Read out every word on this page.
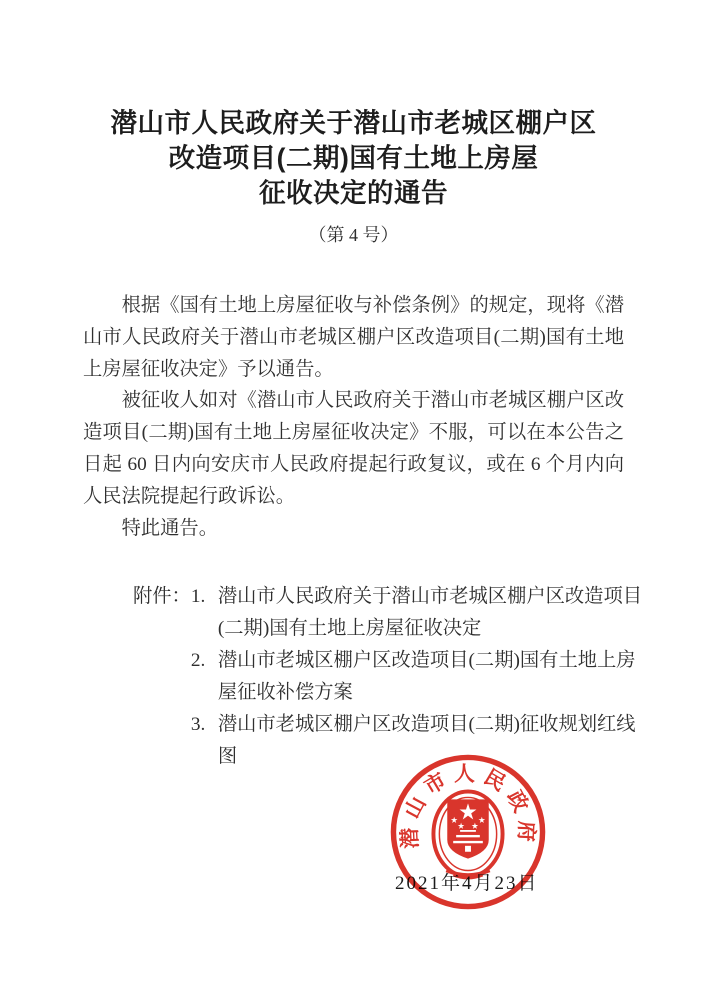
潜山市人民政府关于潜山市老城区棚户区
改造项目(二期)国有土地上房屋
征收决定的通告
（第 4 号）

根据《国有土地上房屋征收与补偿条例》的规定，现将《潜山市人民政府关于潜山市老城区棚户区改造项目(二期)国有土地上房屋征收决定》予以通告。

被征收人如对《潜山市人民政府关于潜山市老城区棚户区改造项目(二期)国有土地上房屋征收决定》不服，可以在本公告之日起 60 日内向安庆市人民政府提起行政复议，或在 6 个月内向人民法院提起行政诉讼。

特此通告。

附件： 1. 潜山市人民政府关于潜山市老城区棚户区改造项目
(二期)国有土地上房屋征收决定
2. 潜山市老城区棚户区改造项目(二期)国有土地上房
屋征收补偿方案
3. 潜山市老城区棚户区改造项目(二期)征收规划红线
图
2021年4月23日
潜山市人民政府
